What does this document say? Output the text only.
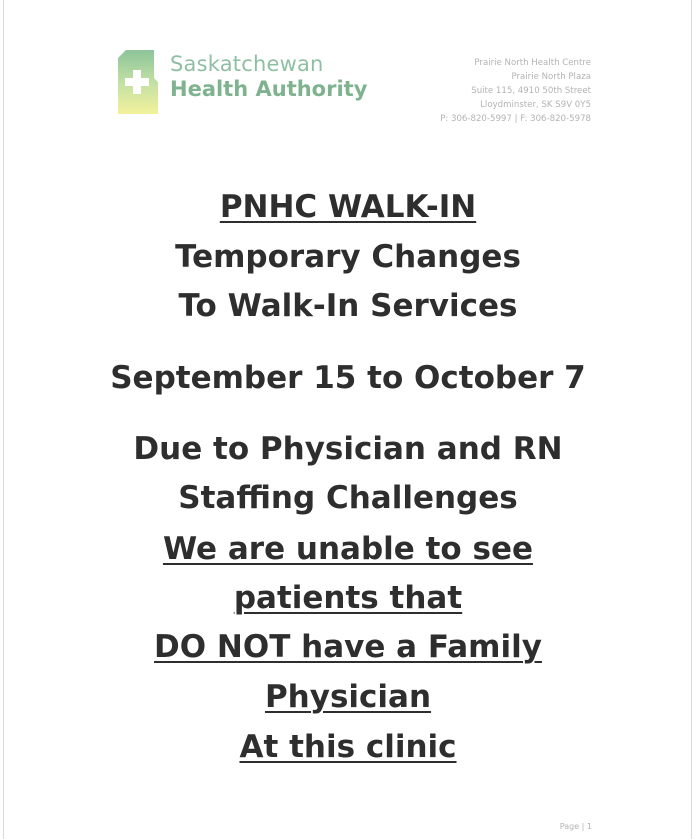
Saskatchewan
Health Authority
Prairie North Health Centre
Prairie North Plaza
Suite 115, 4910 50th Street
Lloydminster, SK S9V 0Y5
P: 306-820-5997 | F: 306-820-5978
PNHC WALK-IN
Temporary Changes
To Walk-In Services
September 15 to October 7
Due to Physician and RN
Staffing Challenges
We are unable to see
patients that
DO NOT have a Family
Physician
At this clinic
Page | 1
